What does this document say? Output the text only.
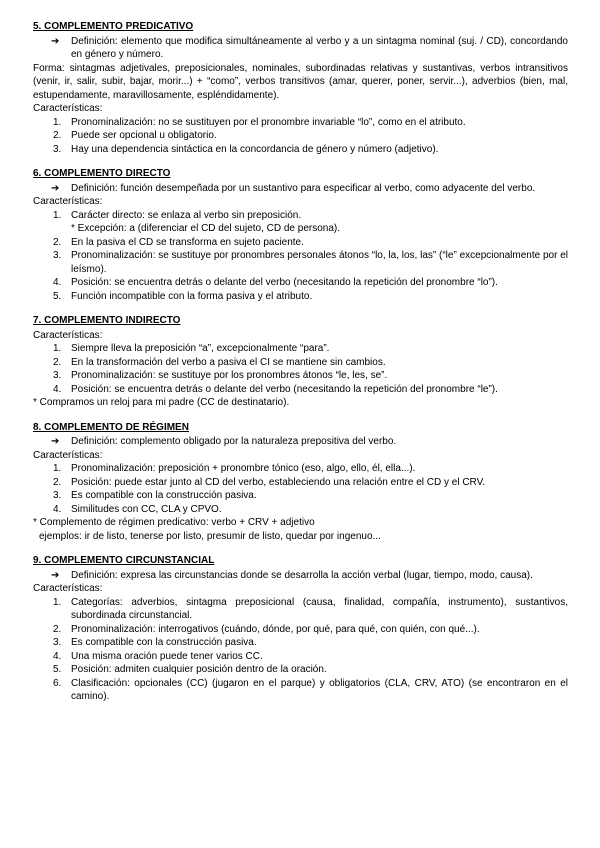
5. COMPLEMENTO PREDICATIVO
➔ Definición: elemento que modifica simultáneamente al verbo y a un sintagma nominal (suj. / CD), concordando en género y número.
Forma: sintagmas adjetivales, preposicionales, nominales, subordinadas relativas y sustantivas, verbos intransitivos (venir, ir, salir, subir, bajar, morir...) + “como”, verbos transitivos (amar, querer, poner, servir...), adverbios (bien, mal, estupendamente, maravillosamente, espléndidamente).
Características:
1. Pronominalización: no se sustituyen por el pronombre invariable “lo”, como en el atributo.
2. Puede ser opcional u obligatorio.
3. Hay una dependencia sintáctica en la concordancia de género y número (adjetivo).
6. COMPLEMENTO DIRECTO
➔ Definición: función desempeñada por un sustantivo para especificar al verbo, como adyacente del verbo.
Características:
1. Carácter directo: se enlaza al verbo sin preposición.
* Excepción: a (diferenciar el CD del sujeto, CD de persona).
2. En la pasiva el CD se transforma en sujeto paciente.
3. Pronominalización: se sustituye por pronombres personales átonos “lo, la, los, las” (“le” excepcionalmente por el leísmo).
4. Posición: se encuentra detrás o delante del verbo (necesitando la repetición del pronombre “lo”).
5. Función incompatible con la forma pasiva y el atributo.
7. COMPLEMENTO INDIRECTO
Características:
1. Siempre lleva la preposición “a”, excepcionalmente “para”.
2. En la transformación del verbo a pasiva el CI se mantiene sin cambios.
3. Pronominalización: se sustituye por los pronombres átonos “le, les, se”.
4. Posición: se encuentra detrás o delante del verbo (necesitando la repetición del pronombre “le”).
* Compramos un reloj para mi padre (CC de destinatario).
8. COMPLEMENTO DE RÉGIMEN
➔ Definición: complemento obligado por la naturaleza prepositiva del verbo.
Características:
1. Pronominalización: preposición + pronombre tónico (eso, algo, ello, él, ella...).
2. Posición: puede estar junto al CD del verbo, estableciendo una relación entre el CD y el CRV.
3. Es compatible con la construcción pasiva.
4. Similitudes con CC, CLA y CPVO.
* Complemento de régimen predicativo: verbo + CRV + adjetivo
ejemplos: ir de listo, tenerse por listo, presumir de listo, quedar por ingenuo...
9. COMPLEMENTO CIRCUNSTANCIAL
➔ Definición: expresa las circunstancias donde se desarrolla la acción verbal (lugar, tiempo, modo, causa).
Características:
1. Categorías: adverbios, sintagma preposicional (causa, finalidad, compañía, instrumento), sustantivos, subordinada circunstancial.
2. Pronominalización: interrogativos (cuándo, dónde, por qué, para qué, con quién, con qué...).
3. Es compatible con la construcción pasiva.
4. Una misma oración puede tener varios CC.
5. Posición: admiten cualquier posición dentro de la oración.
6. Clasificación: opcionales (CC) (jugaron en el parque) y obligatorios (CLA, CRV, ATO) (se encontraron en el camino).
